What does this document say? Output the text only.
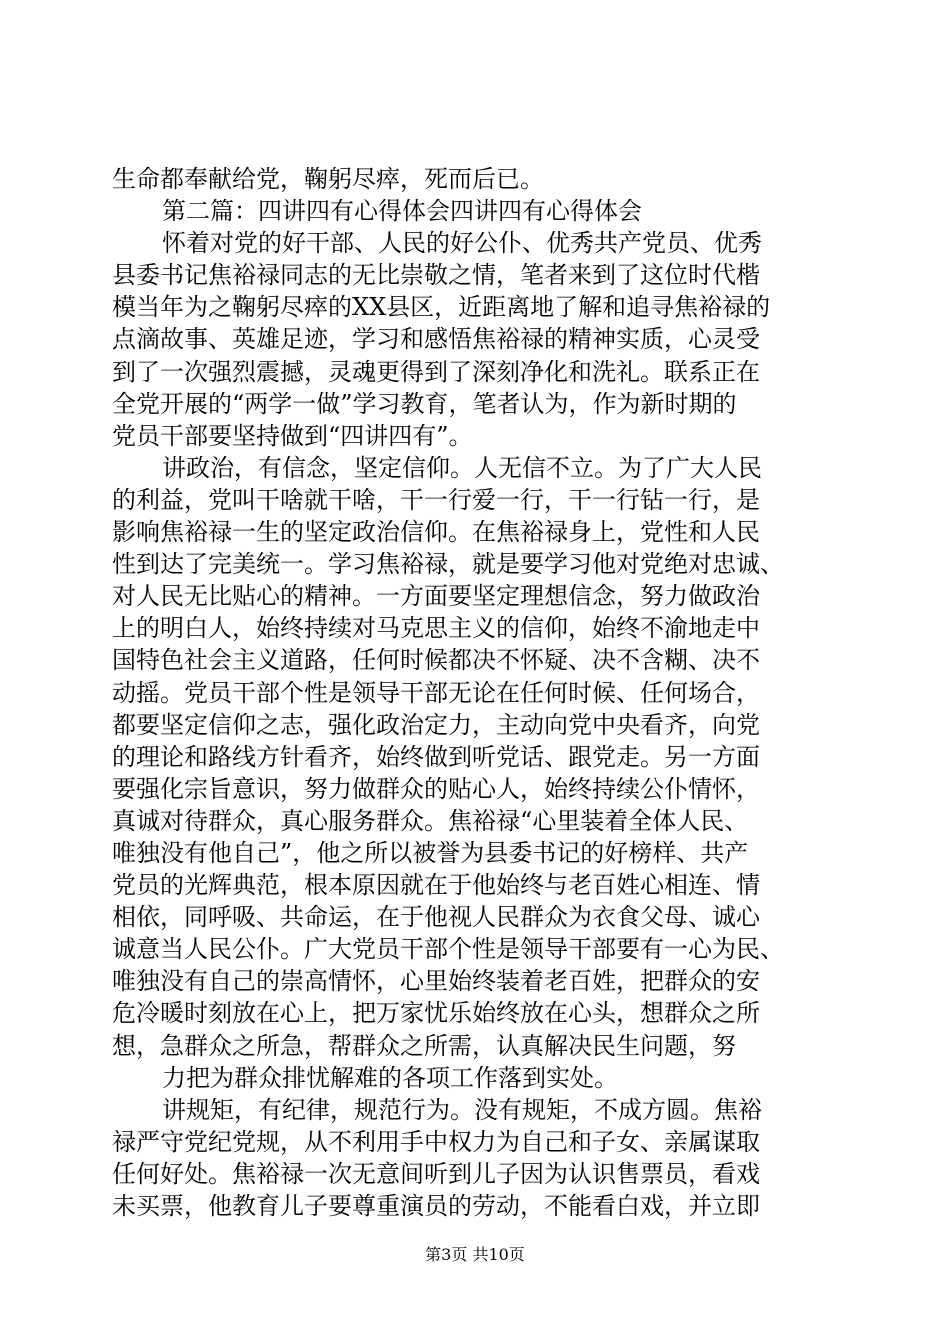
生命都奉献给党，鞠躬尽瘁，死而后已。
第二篇：四讲四有心得体会四讲四有心得体会
怀着对党的好干部、人民的好公仆、优秀共产党员、优秀
县委书记焦裕禄同志的无比崇敬之情，笔者来到了这位时代楷
模当年为之鞠躬尽瘁的XX县区，近距离地了解和追寻焦裕禄的
点滴故事、英雄足迹，学习和感悟焦裕禄的精神实质，心灵受
到了一次强烈震撼，灵魂更得到了深刻净化和洗礼。联系正在
全党开展的“两学一做”学习教育，笔者认为，作为新时期的
党员干部要坚持做到“四讲四有”。
讲政治，有信念，坚定信仰。人无信不立。为了广大人民
的利益，党叫干啥就干啥，干一行爱一行，干一行钻一行，是
影响焦裕禄一生的坚定政治信仰。在焦裕禄身上，党性和人民
性到达了完美统一。学习焦裕禄，就是要学习他对党绝对忠诚、
对人民无比贴心的精神。一方面要坚定理想信念，努力做政治
上的明白人，始终持续对马克思主义的信仰，始终不渝地走中
国特色社会主义道路，任何时候都决不怀疑、决不含糊、决不
动摇。党员干部个性是领导干部无论在任何时候、任何场合，
都要坚定信仰之志，强化政治定力，主动向党中央看齐，向党
的理论和路线方针看齐，始终做到听党话、跟党走。另一方面
要强化宗旨意识，努力做群众的贴心人，始终持续公仆情怀，
真诚对待群众，真心服务群众。焦裕禄“心里装着全体人民、
唯独没有他自己”，他之所以被誉为县委书记的好榜样、共产
党员的光辉典范，根本原因就在于他始终与老百姓心相连、情
相依，同呼吸、共命运，在于他视人民群众为衣食父母、诚心
诚意当人民公仆。广大党员干部个性是领导干部要有一心为民、
唯独没有自己的崇高情怀，心里始终装着老百姓，把群众的安
危冷暖时刻放在心上，把万家忧乐始终放在心头，想群众之所
想，急群众之所急，帮群众之所需，认真解决民生问题，努
力把为群众排忧解难的各项工作落到实处。
讲规矩，有纪律，规范行为。没有规矩，不成方圆。焦裕
禄严守党纪党规，从不利用手中权力为自己和子女、亲属谋取
任何好处。焦裕禄一次无意间听到儿子因为认识售票员，看戏
未买票，他教育儿子要尊重演员的劳动，不能看白戏，并立即
第3页 共10页
